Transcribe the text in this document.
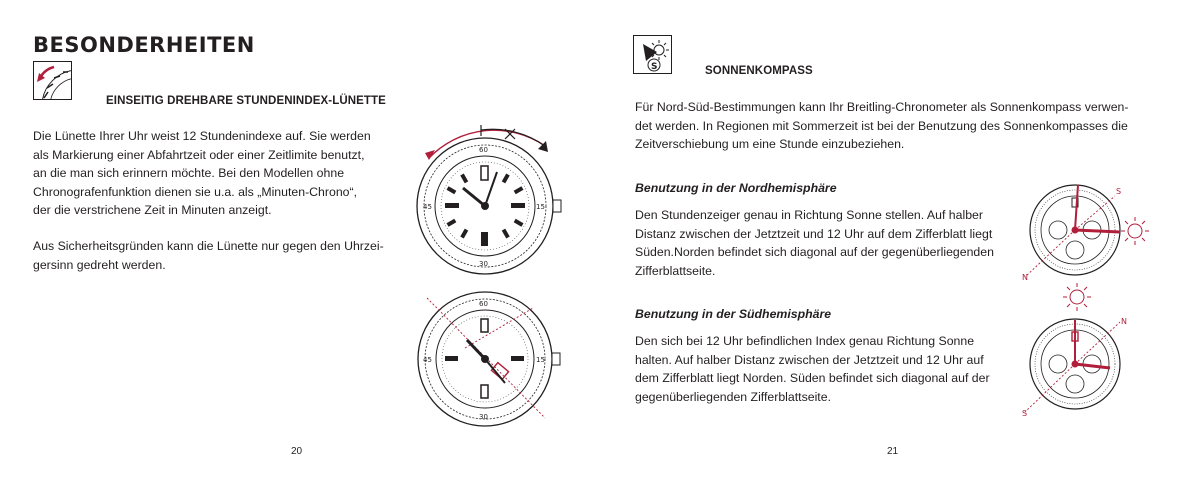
BESONDERHEITEN
EINSEITIG DREHBARE STUNDENINDEX-LÜNETTE
Die Lünette Ihrer Uhr weist 12 Stundenindexe auf. Sie werden
als Markierung einer Abfahrtzeit oder einer Zeitlimite benutzt,
an die man sich erinnern möchte. Bei den Modellen ohne
Chronografenfunktion dienen sie u.a. als „Minuten-Chrono“,
der die verstrichene Zeit in Minuten anzeigt.
Aus Sicherheitsgründen kann die Lünette nur gegen den Uhrzei-
gersinn gedreht werden.
60
30
45	15
60
30
45	15
20
S	SONNENKOMPASS
Für Nord-Süd-Bestimmungen kann Ihr Breitling-Chronometer als Sonnenkompass verwen-
det werden. In Regionen mit Sommerzeit ist bei der Benutzung des Sonnenkompasses die
Zeitverschiebung um eine Stunde einzubeziehen.
Benutzung in der Nordhemisphäre
Den Stundenzeiger genau in Richtung Sonne stellen. Auf halber
Distanz zwischen der Jetztzeit und 12 Uhr auf dem Zifferblatt liegt
Süden.Norden befindet sich diagonal auf der gegenüberliegenden
Zifferblattseite.
Benutzung in der Südhemisphäre
Den sich bei 12 Uhr befindlichen Index genau Richtung Sonne
halten. Auf halber Distanz zwischen der Jetztzeit und 12 Uhr auf
dem Zifferblatt liegt Norden. Süden befindet sich diagonal auf der
gegenüberliegenden Zifferblattseite.
S
N
N
S
21
